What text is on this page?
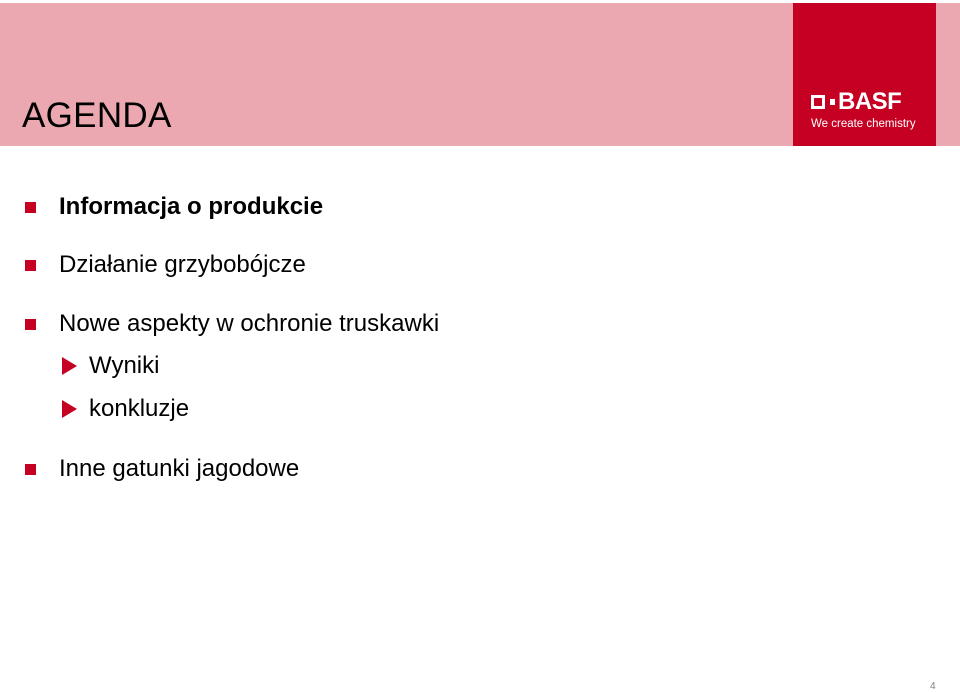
AGENDA	BASF
We create chemistry
Informacja o produkcie
Działanie grzybobójcze
Nowe aspekty w ochronie truskawki
Wyniki
konkluzje
Inne gatunki jagodowe
4
